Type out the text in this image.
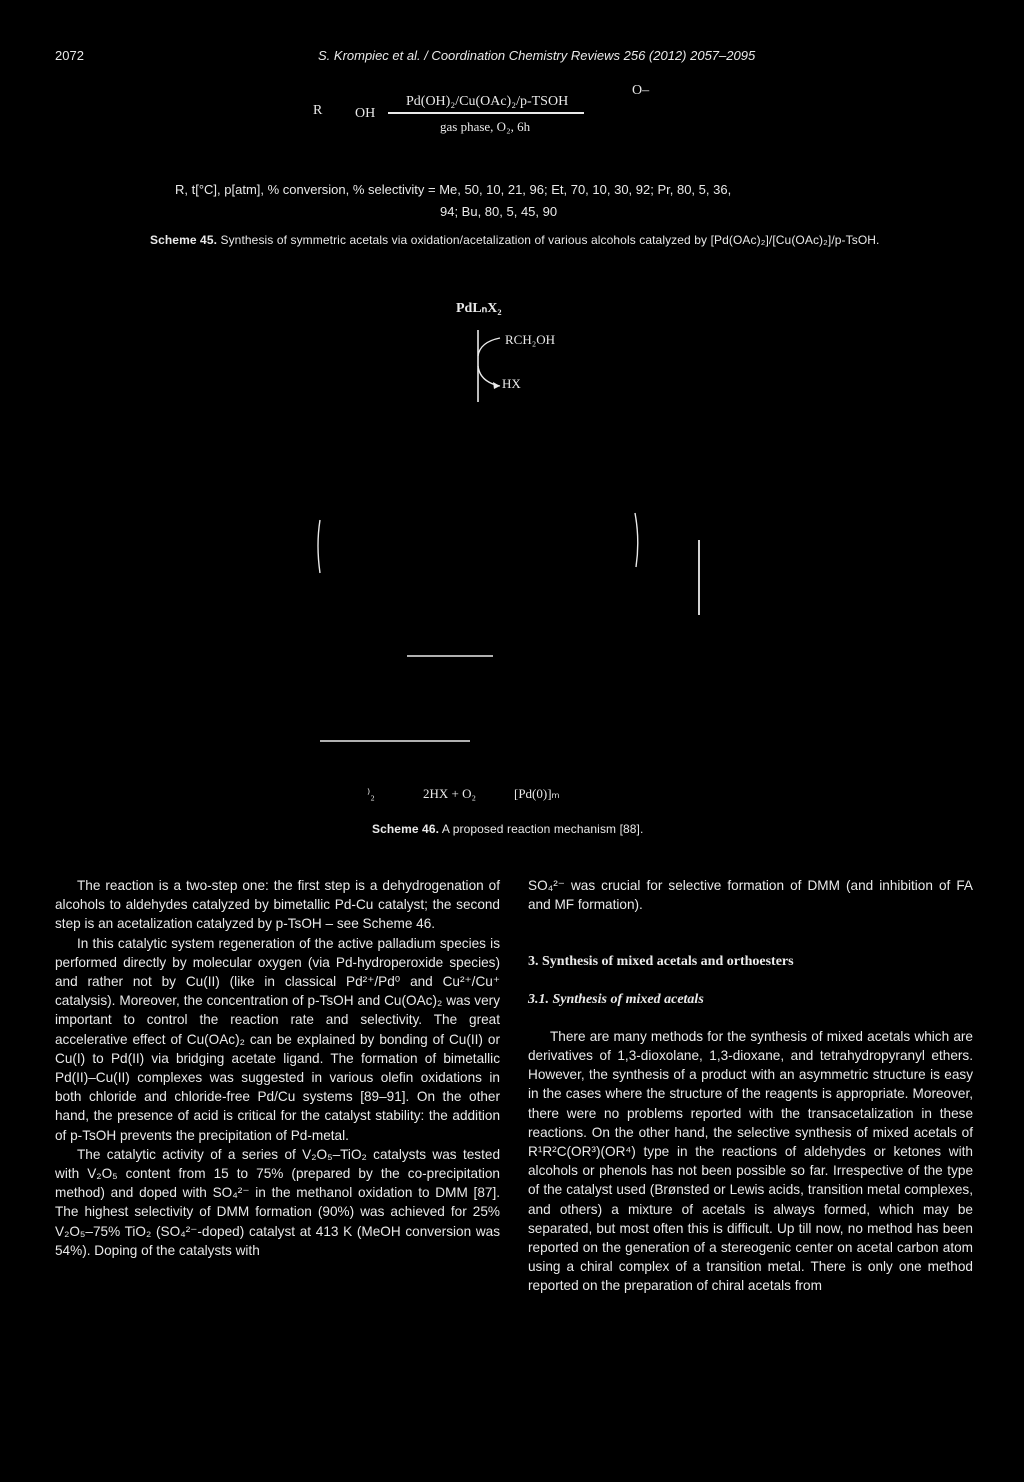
2072	S. Krompiec et al. / Coordination Chemistry Reviews 256 (2012) 2057–2095
R OH
Pd(OH)₂/Cu(OAc)₂/p-TSOH
gas phase, O₂, 6h
O–
R, t[°C], p[atm], % conversion, % selectivity = Me, 50, 10, 21, 96; Et, 70, 10, 30, 92; Pr, 80, 5, 36,
94; Bu, 80, 5, 45, 90
Scheme 45. Synthesis of symmetric acetals via oxidation/acetalization of various alcohols catalyzed by [Pd(OAc)₂]/[Cu(OAc)₂]/p-TsOH.
PdLₙX₂
RCH₂OH
HX
⁾₂	2HX + O₂	[Pd(0)]ₘ
Scheme 46. A proposed reaction mechanism [88].

The reaction is a two-step one: the first step is a dehydrogenation of alcohols to aldehydes catalyzed by bimetallic Pd-Cu catalyst; the second step is an acetalization catalyzed by p-TsOH – see Scheme 46.

In this catalytic system regeneration of the active palladium species is performed directly by molecular oxygen (via Pd-hydroperoxide species) and rather not by Cu(II) (like in classical Pd²⁺/Pd⁰ and Cu²⁺/Cu⁺ catalysis). Moreover, the concentration of p-TsOH and Cu(OAc)₂ was very important to control the reaction rate and selectivity. The great accelerative effect of Cu(OAc)₂ can be explained by bonding of Cu(II) or Cu(I) to Pd(II) via bridging acetate ligand. The formation of bimetallic Pd(II)–Cu(II) complexes was suggested in various olefin oxidations in both chloride and chloride-free Pd/Cu systems [89–91]. On the other hand, the presence of acid is critical for the catalyst stability: the addition of p-TsOH prevents the precipitation of Pd-metal.

The catalytic activity of a series of V₂O₅–TiO₂ catalysts was tested with V₂O₅ content from 15 to 75% (prepared by the co-precipitation method) and doped with SO₄²⁻ in the methanol oxidation to DMM [87]. The highest selectivity of DMM formation (90%) was achieved for 25% V₂O₅–75% TiO₂ (SO₄²⁻-doped) catalyst at 413 K (MeOH conversion was 54%). Doping of the catalysts with

SO₄²⁻ was crucial for selective formation of DMM (and inhibition of FA and MF formation).

3. Synthesis of mixed acetals and orthoesters
3.1. Synthesis of mixed acetals

There are many methods for the synthesis of mixed acetals which are derivatives of 1,3-dioxolane, 1,3-dioxane, and tetrahydropyranyl ethers. However, the synthesis of a product with an asymmetric structure is easy in the cases where the structure of the reagents is appropriate. Moreover, there were no problems reported with the transacetalization in these reactions. On the other hand, the selective synthesis of mixed acetals of R¹R²C(OR³)(OR⁴) type in the reactions of aldehydes or ketones with alcohols or phenols has not been possible so far. Irrespective of the type of the catalyst used (Brønsted or Lewis acids, transition metal complexes, and others) a mixture of acetals is always formed, which may be separated, but most often this is difficult. Up till now, no method has been reported on the generation of a stereogenic center on acetal carbon atom using a chiral complex of a transition metal. There is only one method reported on the preparation of chiral acetals from
